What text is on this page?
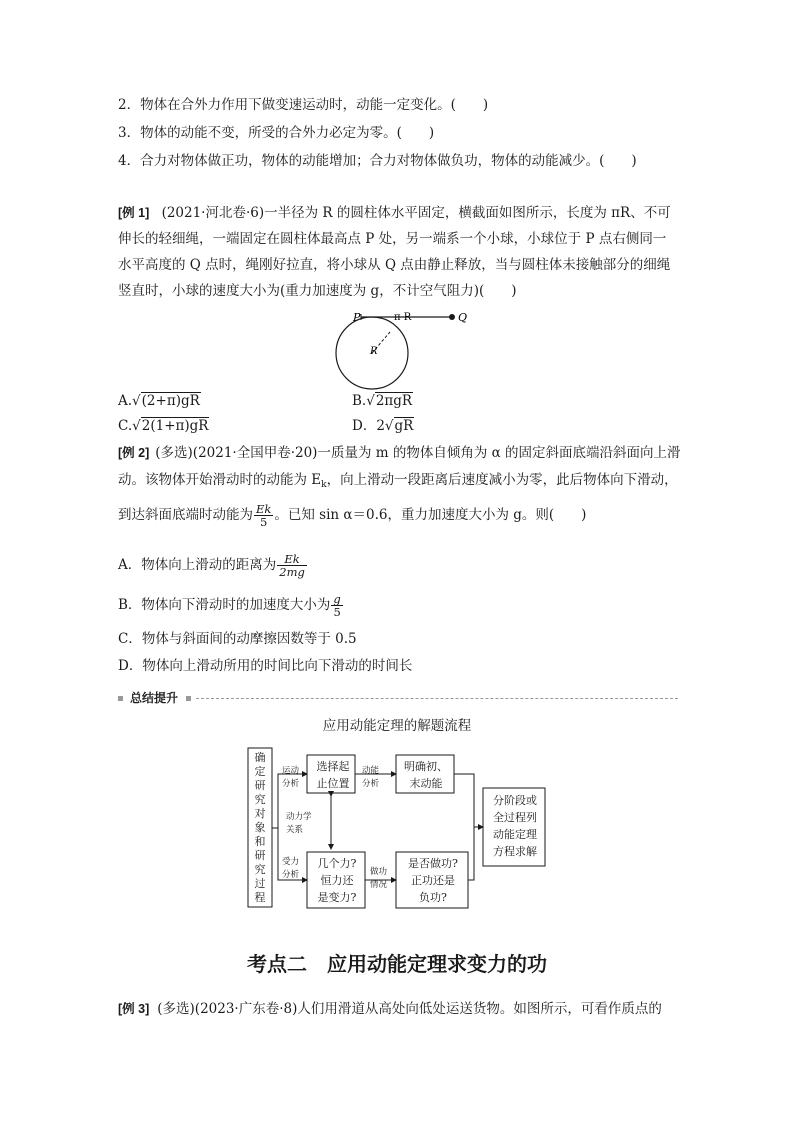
2．物体在合外力作用下做变速运动时，动能一定变化。(　　)
3．物体的动能不变，所受的合外力必定为零。(　　)
4．合力对物体做正功，物体的动能增加；合力对物体做负功，物体的动能减少。(　　)
[例 1] (2021·河北卷·6)一半径为 R 的圆柱体水平固定，横截面如图所示，长度为 πR、不可
伸长的轻细绳，一端固定在圆柱体最高点 P 处，另一端系一个小球，小球位于 P 点右侧同一
水平高度的 Q 点时，绳刚好拉直，将小球从 Q 点由静止释放，当与圆柱体未接触部分的细绳
竖直时，小球的速度大小为(重力加速度为 g，不计空气阻力)(　　)
P	Q
π R
R
A.√(2+π)gR	B.√2πgR
C.√2(1+π)gR	D．2√gR
[例 2] (多选)(2021·全国甲卷·20)一质量为 m 的物体自倾角为 α 的固定斜面底端沿斜面向上滑
动。该物体开始滑动时的动能为 $E_k$，向上滑动一段距离后速度减小为零，此后物体向下滑动，
到达斜面底端时动能为 $\frac{Ek}{5}$ 。已知 sin α＝0.6，重力加速度大小为 g。则(　　)
A．物体向上滑动的距离为 $\frac{Ek}{2mg}$
B．物体向下滑动时的加速度大小为 $\frac{g}{5}$
C．物体与斜面间的动摩擦因数等于 0.5
D．物体向上滑动所用的时间比向下滑动的时间长
总结提升
应用动能定理的解题流程
确
定
研
究
对
象
和
研
究
过
程
运动
分析
受力
分析
选择起
止位置
动能
分析
明确初、
末动能
动力学
关系
几个力?
恒力还
是变力?
做功
情况
是否做功?
正功还是
负功?
分阶段或
全过程列
动能定理
方程求解
考点二　应用动能定理求变力的功
[例 3] (多选)(2023·广东卷·8)人们用滑道从高处向低处运送货物。如图所示，可看作质点的
